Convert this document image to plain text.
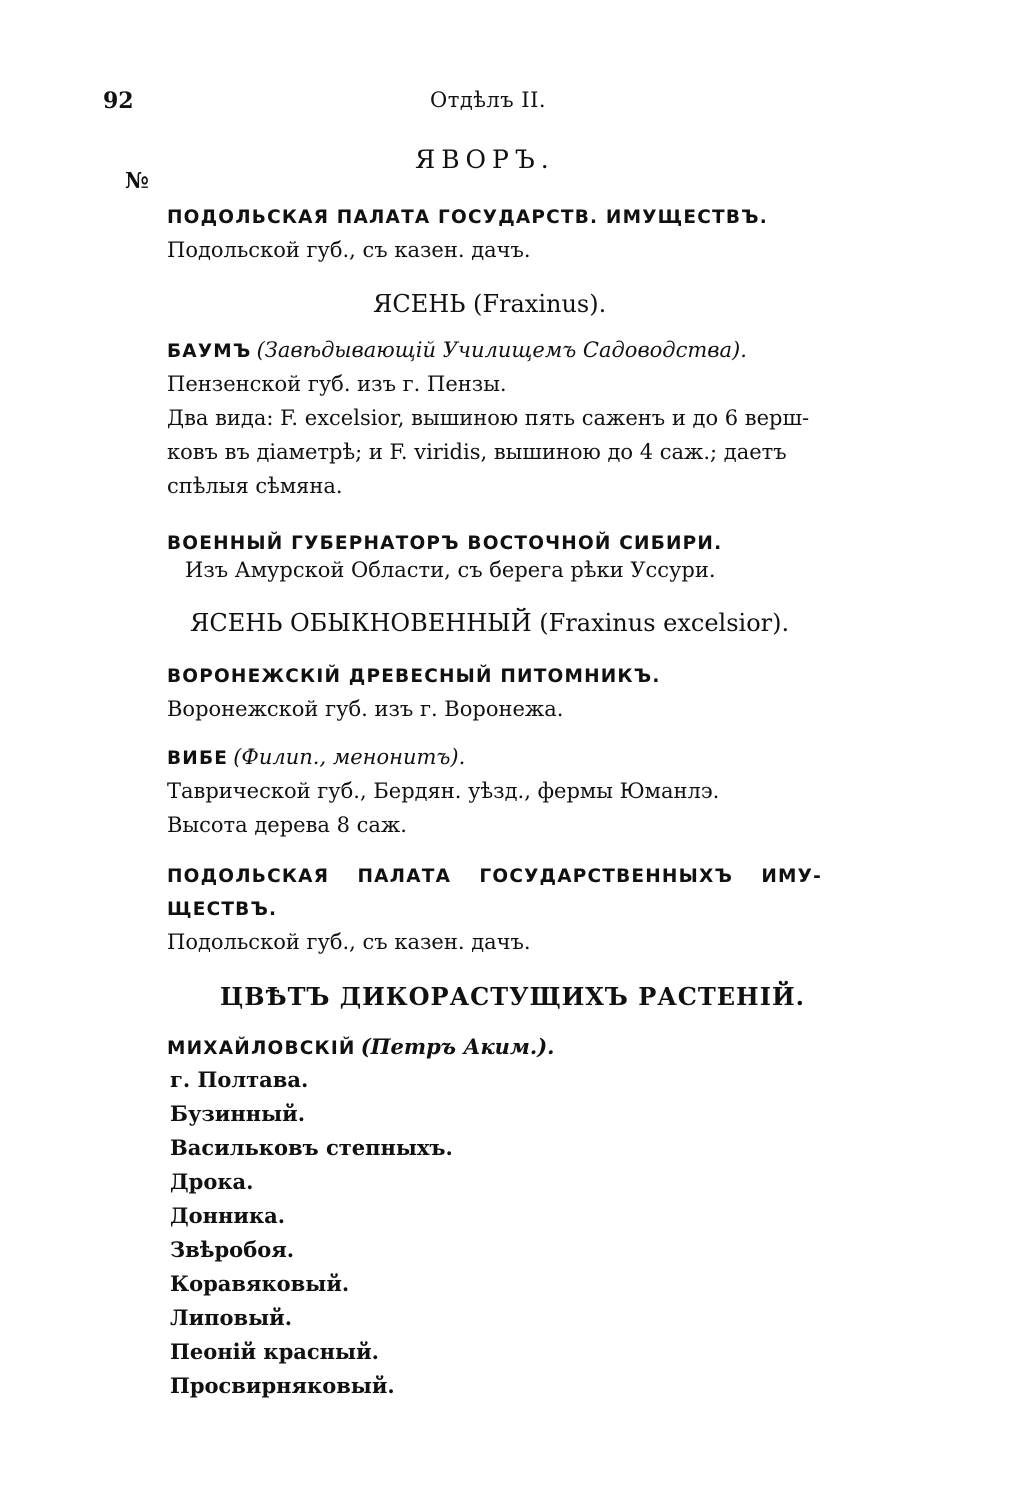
92	Отдѣлъ II.
№
ЯВОРЪ.
ПОДОЛЬСКАЯ ПАЛАТА ГОСУДАРСТВ. ИМУЩЕСТВЪ.
Подольской губ., съ казен. дачъ.
ЯСЕНЬ (Fraxinus).
БАУМЪ (Завѣдывающій Училищемъ Садоводства).
Пензенской губ. изъ г. Пензы.
Два вида: F. excelsior, вышиною пять саженъ и до 6 верш-
ковъ въ діаметрѣ; и F. viridis, вышиною до 4 саж.; даетъ
спѣлыя сѣмяна.
ВОЕННЫЙ ГУБЕРНАТОРЪ ВОСТОЧНОЙ СИБИРИ.
Изъ Амурской Области, съ берега рѣки Уссури.
ЯСЕНЬ ОБЫКНОВЕННЫЙ (Fraxinus excelsior).
ВОРОНЕЖСКІЙ ДРЕВЕСНЫЙ ПИТОМНИКЪ.
Воронежской губ. изъ г. Воронежа.
ВИБЕ (Филип., менонитъ).
Таврической губ., Бердян. уѣзд., фермы Юманлэ.
Высота дерева 8 саж.
ПОДОЛЬСКАЯ ПАЛАТА ГОСУДАРСТВЕННЫХЪ ИМУ-
ЩЕСТВЪ.
Подольской губ., съ казен. дачъ.
ЦВѢТЪ ДИКОРАСТУЩИХЪ РАСТЕНІЙ.
МИХАЙЛОВСКІЙ (Петръ Аким.).
г. Полтава.
Бузинный.
Васильковъ степныхъ.
Дрока.
Донника.
Звѣробоя.
Коравяковый.
Липовый.
Пеоній красный.
Просвирняковый.
